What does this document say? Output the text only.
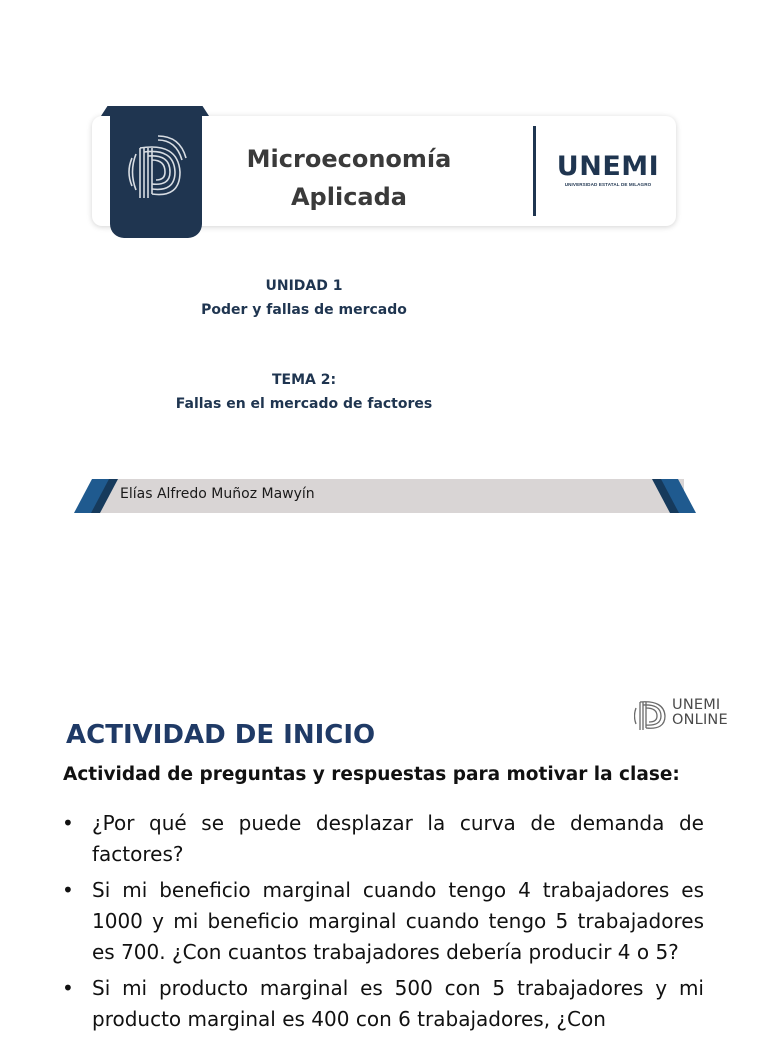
Microeconomía
Aplicada
UNEMI
UNIVERSIDAD ESTATAL DE MILAGRO
UNIDAD 1
Poder y fallas de mercado
TEMA 2:
Fallas en el mercado de factores
Elías Alfredo Muñoz Mawyín
UNEMI
ONLINE
ACTIVIDAD DE INICIO
Actividad de preguntas y respuestas para motivar la clase:
• ¿Por qué se puede desplazar la curva de demanda de factores?
• Si mi beneficio marginal cuando tengo 4 trabajadores es 1000 y mi beneficio marginal cuando tengo 5 trabajadores es 700. ¿Con cuantos trabajadores debería producir 4 o 5?
• Si mi producto marginal es 500 con 5 trabajadores y mi producto marginal es 400 con 6 trabajadores, ¿Con
